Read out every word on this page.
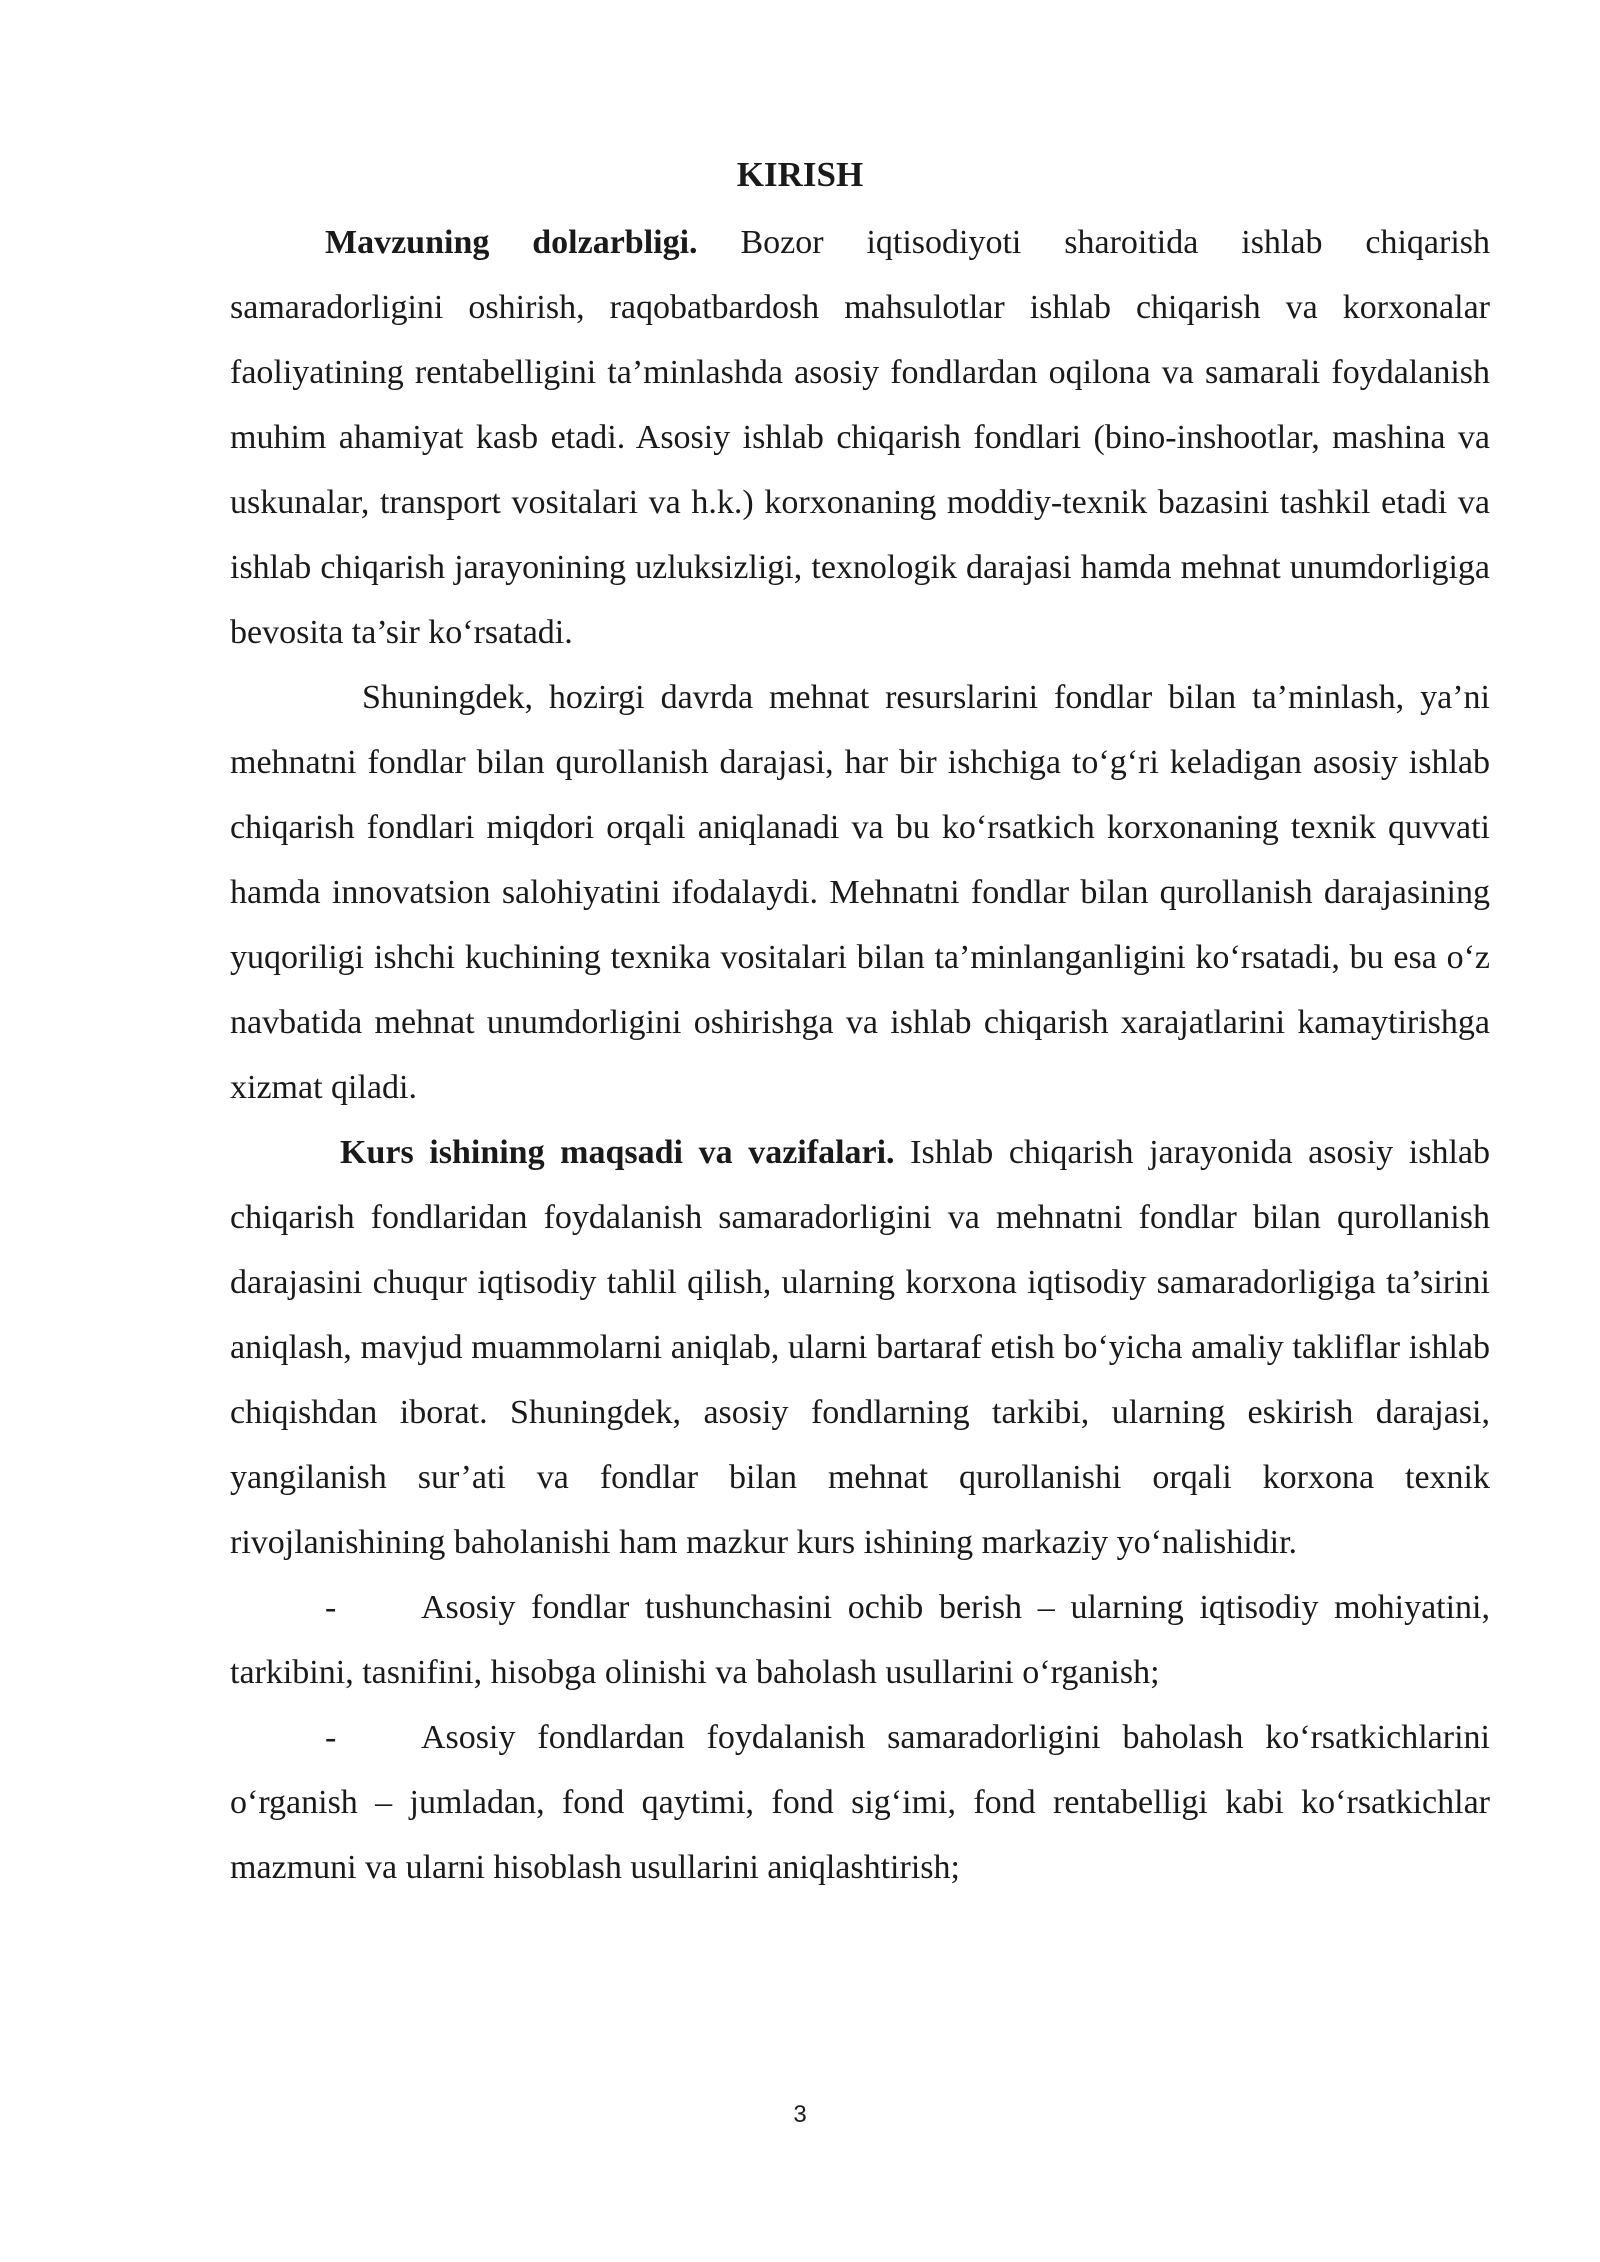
KIRISH

Mavzuning dolzarbligi. Bozor iqtisodiyoti sharoitida ishlab chiqarish samaradorligini oshirish, raqobatbardosh mahsulotlar ishlab chiqarish va korxonalar faoliyatining rentabelligini ta’minlashda asosiy fondlardan oqilona va samarali foydalanish muhim ahamiyat kasb etadi. Asosiy ishlab chiqarish fondlari (bino-inshootlar, mashina va uskunalar, transport vositalari va h.k.) korxonaning moddiy-texnik bazasini tashkil etadi va ishlab chiqarish jarayonining uzluksizligi, texnologik darajasi hamda mehnat unumdorligiga bevosita ta’sir ko‘rsatadi.

Shuningdek, hozirgi davrda mehnat resurslarini fondlar bilan ta’minlash, ya’ni mehnatni fondlar bilan qurollanish darajasi, har bir ishchiga to‘g‘ri keladigan asosiy ishlab chiqarish fondlari miqdori orqali aniqlanadi va bu ko‘rsatkich korxonaning texnik quvvati hamda innovatsion salohiyatini ifodalaydi. Mehnatni fondlar bilan qurollanish darajasining yuqoriligi ishchi kuchining texnika vositalari bilan ta’minlanganligini ko‘rsatadi, bu esa o‘z navbatida mehnat unumdorligini oshirishga va ishlab chiqarish xarajatlarini kamaytirishga xizmat qiladi.

Kurs ishining maqsadi va vazifalari. Ishlab chiqarish jarayonida asosiy ishlab chiqarish fondlaridan foydalanish samaradorligini va mehnatni fondlar bilan qurollanish darajasini chuqur iqtisodiy tahlil qilish, ularning korxona iqtisodiy samaradorligiga ta’sirini aniqlash, mavjud muammolarni aniqlab, ularni bartaraf etish bo‘yicha amaliy takliflar ishlab chiqishdan iborat. Shuningdek, asosiy fondlarning tarkibi, ularning eskirish darajasi, yangilanish sur’ati va fondlar bilan mehnat qurollanishi orqali korxona texnik rivojlanishining baholanishi ham mazkur kurs ishining markaziy yo‘nalishidir.

- Asosiy fondlar tushunchasini ochib berish – ularning iqtisodiy mohiyatini, tarkibini, tasnifini, hisobga olinishi va baholash usullarini o‘rganish;

- Asosiy fondlardan foydalanish samaradorligini baholash ko‘rsatkichlarini o‘rganish – jumladan, fond qaytimi, fond sig‘imi, fond rentabelligi kabi ko‘rsatkichlar mazmuni va ularni hisoblash usullarini aniqlashtirish;

3
